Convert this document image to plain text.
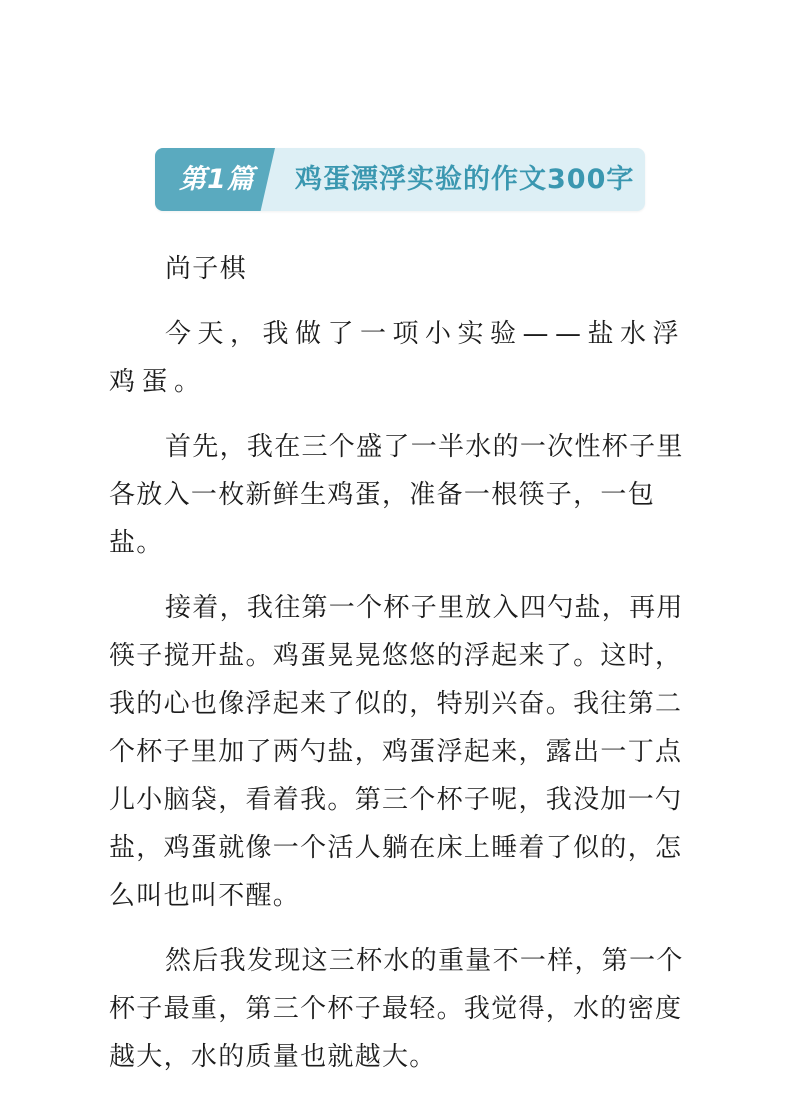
第1篇 鸡蛋漂浮实验的作文300字

尚子棋

今天，我做了一项小实验——盐水浮鸡蛋。

首先，我在三个盛了一半水的一次性杯子里各放入一枚新鲜生鸡蛋，准备一根筷子，一包盐。

接着，我往第一个杯子里放入四勺盐，再用筷子搅开盐。鸡蛋晃晃悠悠的浮起来了。这时，我的心也像浮起来了似的，特别兴奋。我往第二个杯子里加了两勺盐，鸡蛋浮起来，露出一丁点儿小脑袋，看着我。第三个杯子呢，我没加一勺盐，鸡蛋就像一个活人躺在床上睡着了似的，怎么叫也叫不醒。

然后我发现这三杯水的重量不一样，第一个杯子最重，第三个杯子最轻。我觉得，水的密度越大，水的质量也就越大。
